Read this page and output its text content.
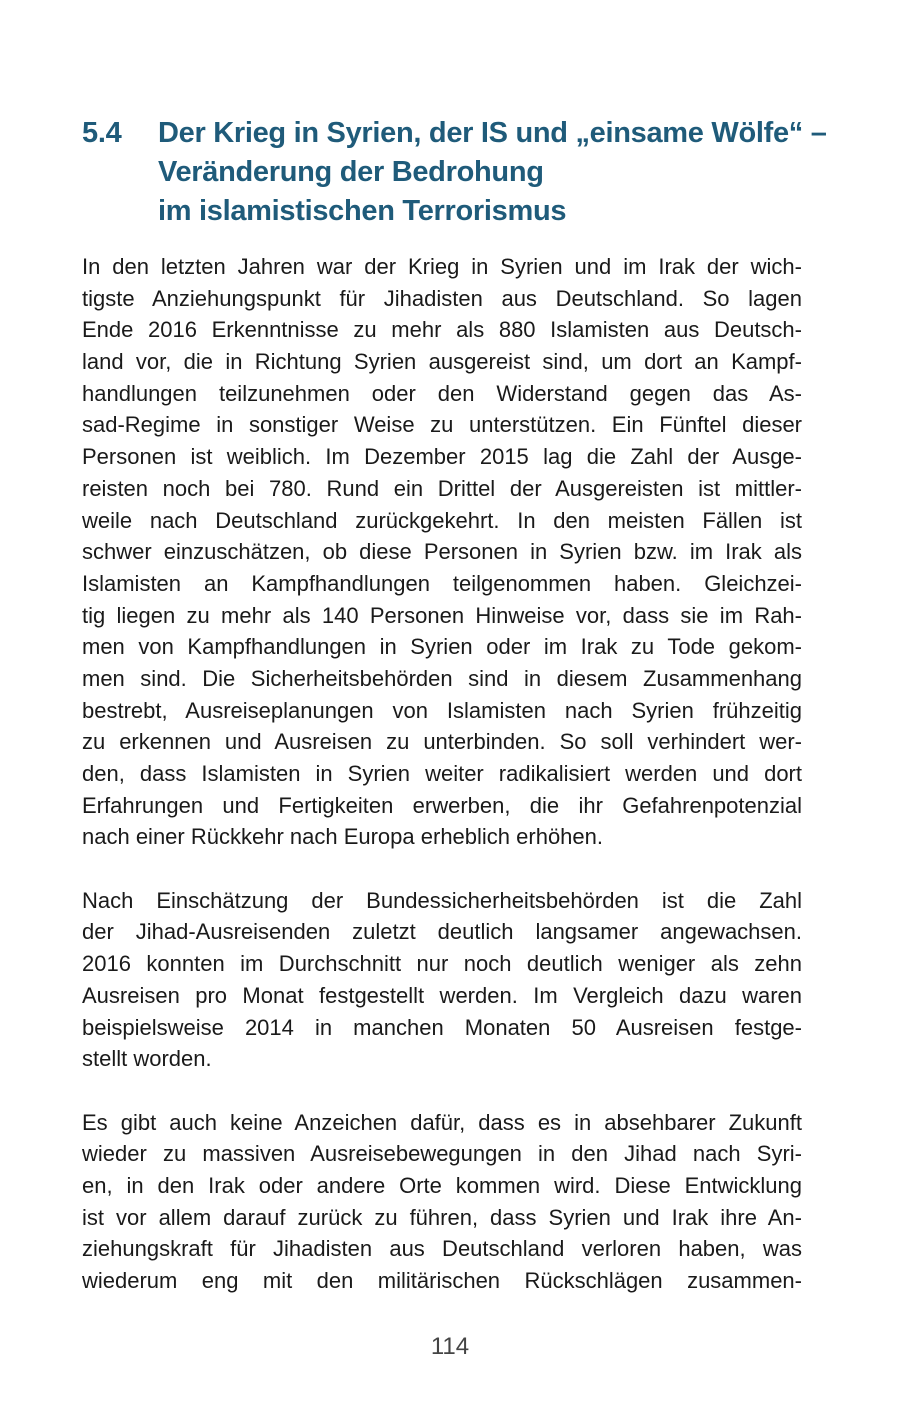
5.4	Der Krieg in Syrien, der IS und „einsame Wölfe“ –
Veränderung der Bedrohung
im islamistischen Terrorismus

In den letzten Jahren war der Krieg in Syrien und im Irak der wich-
tigste Anziehungspunkt für Jihadisten aus Deutschland. So lagen
Ende 2016 Erkenntnisse zu mehr als 880 Islamisten aus Deutsch-
land vor, die in Richtung Syrien ausgereist sind, um dort an Kampf-
handlungen teilzunehmen oder den Widerstand gegen das As-
sad-Regime in sonstiger Weise zu unterstützen. Ein Fünftel dieser
Personen ist weiblich. Im Dezember 2015 lag die Zahl der Ausge-
reisten noch bei 780. Rund ein Drittel der Ausgereisten ist mittler-
weile nach Deutschland zurückgekehrt. In den meisten Fällen ist
schwer einzuschätzen, ob diese Personen in Syrien bzw. im Irak als
Islamisten an Kampfhandlungen teilgenommen haben. Gleichzei-
tig liegen zu mehr als 140 Personen Hinweise vor, dass sie im Rah-
men von Kampfhandlungen in Syrien oder im Irak zu Tode gekom-
men sind. Die Sicherheitsbehörden sind in diesem Zusammenhang
bestrebt, Ausreiseplanungen von Islamisten nach Syrien frühzeitig
zu erkennen und Ausreisen zu unterbinden. So soll verhindert wer-
den, dass Islamisten in Syrien weiter radikalisiert werden und dort
Erfahrungen und Fertigkeiten erwerben, die ihr Gefahrenpotenzial
nach einer Rückkehr nach Europa erheblich erhöhen.

Nach Einschätzung der Bundessicherheitsbehörden ist die Zahl
der Jihad-Ausreisenden zuletzt deutlich langsamer angewachsen.
2016 konnten im Durchschnitt nur noch deutlich weniger als zehn
Ausreisen pro Monat festgestellt werden. Im Vergleich dazu waren
beispielsweise 2014 in manchen Monaten 50 Ausreisen festge-
stellt worden.

Es gibt auch keine Anzeichen dafür, dass es in absehbarer Zukunft
wieder zu massiven Ausreisebewegungen in den Jihad nach Syri-
en, in den Irak oder andere Orte kommen wird. Diese Entwicklung
ist vor allem darauf zurück zu führen, dass Syrien und Irak ihre An-
ziehungskraft für Jihadisten aus Deutschland verloren haben, was
wiederum eng mit den militärischen Rückschlägen zusammen-

114
